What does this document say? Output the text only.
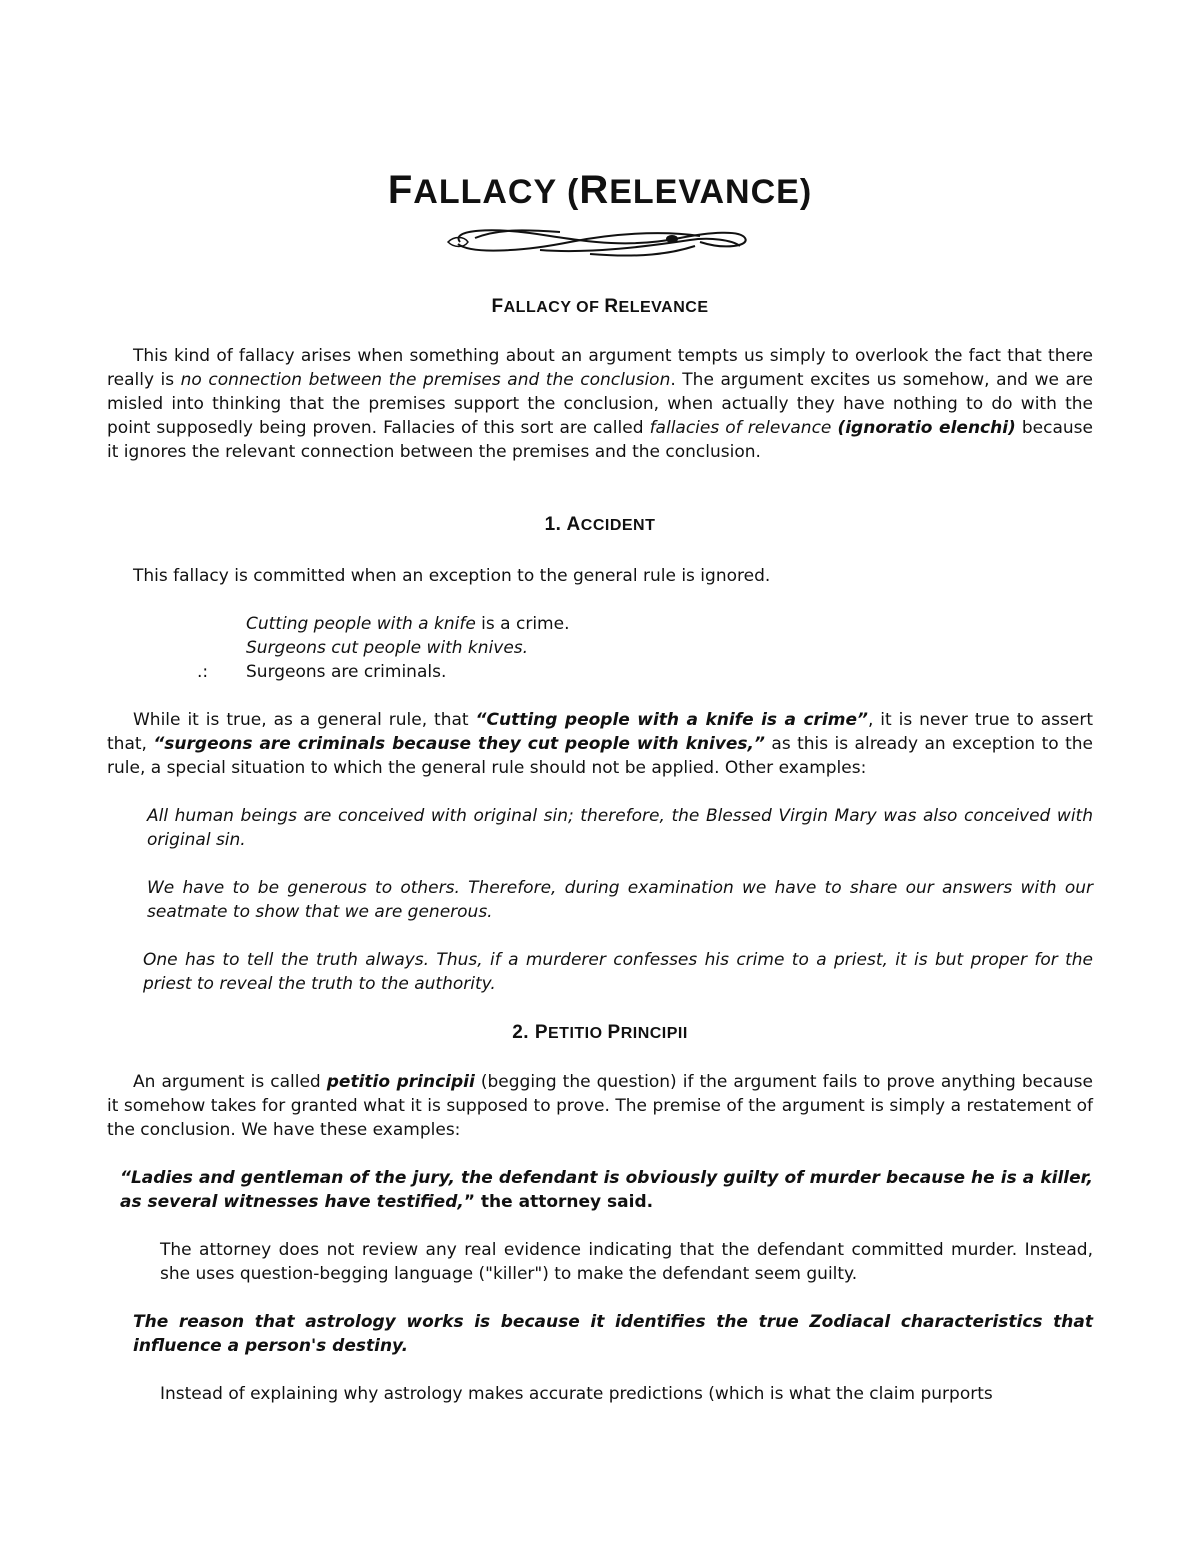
FALLACY (RELEVANCE)
FALLACY OF RELEVANCE

This kind of fallacy arises when something about an argument tempts us simply to overlook the fact that there really is no connection between the premises and the conclusion. The argument excites us somehow, and we are misled into thinking that the premises support the conclusion, when actually they have nothing to do with the point supposedly being proven. Fallacies of this sort are called fallacies of relevance (ignoratio elenchi) because it ignores the relevant connection between the premises and the conclusion.

1. ACCIDENT

This fallacy is committed when an exception to the general rule is ignored.

Cutting people with a knife is a crime.
Surgeons cut people with knives.
.: Surgeons are criminals.

While it is true, as a general rule, that “Cutting people with a knife is a crime”, it is never true to assert that, “surgeons are criminals because they cut people with knives,” as this is already an exception to the rule, a special situation to which the general rule should not be applied. Other examples:

All human beings are conceived with original sin; therefore, the Blessed Virgin Mary was also conceived with original sin.

We have to be generous to others. Therefore, during examination we have to share our answers with our seatmate to show that we are generous.

One has to tell the truth always. Thus, if a murderer confesses his crime to a priest, it is but proper for the priest to reveal the truth to the authority.

2. PETITIO PRINCIPII

An argument is called petitio principii (begging the question) if the argument fails to prove anything because it somehow takes for granted what it is supposed to prove. The premise of the argument is simply a restatement of the conclusion. We have these examples:

“Ladies and gentleman of the jury, the defendant is obviously guilty of murder because he is a killer, as several witnesses have testified,” the attorney said.

The attorney does not review any real evidence indicating that the defendant committed murder. Instead, she uses question-begging language ("killer") to make the defendant seem guilty.

The reason that astrology works is because it identifies the true Zodiacal characteristics that influence a person's destiny.

Instead of explaining why astrology makes accurate predictions (which is what the claim purports
